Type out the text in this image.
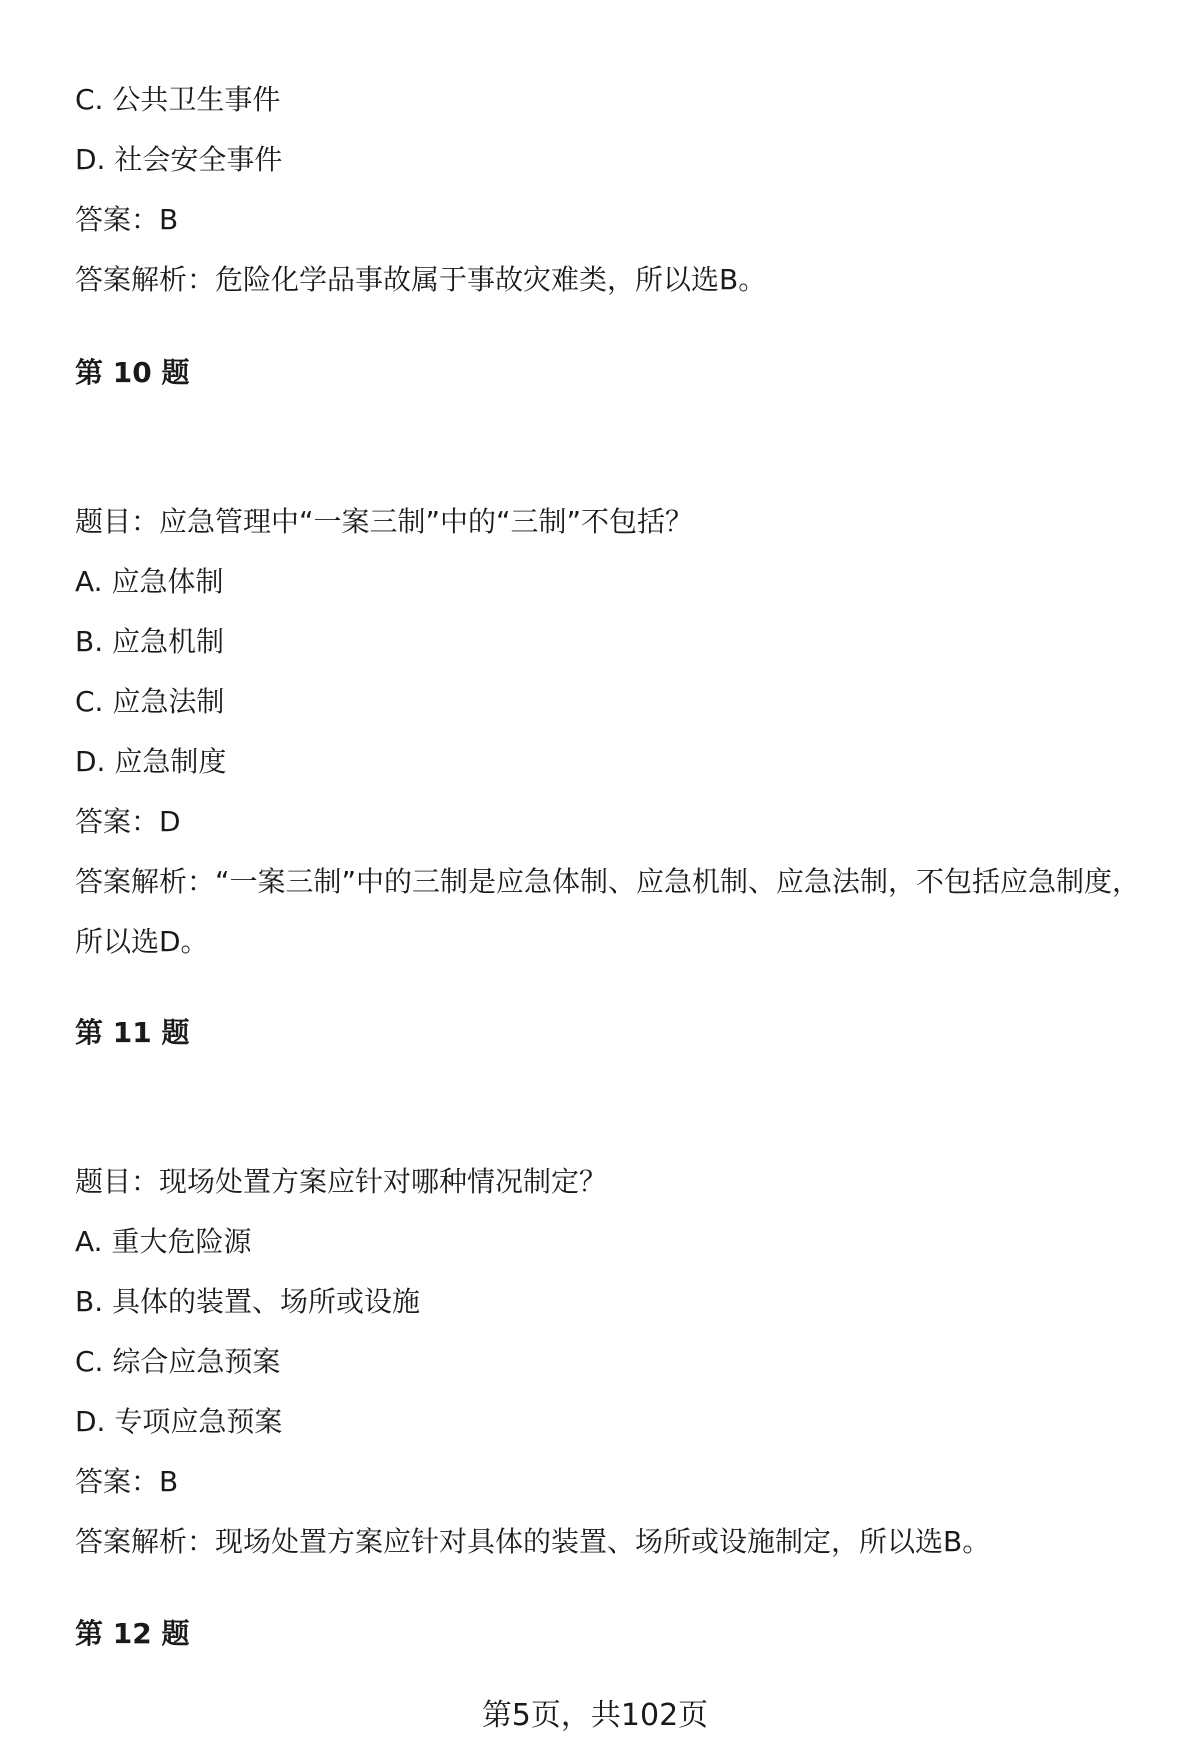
C. 公共卫生事件
D. 社会安全事件
答案：B
答案解析：危险化学品事故属于事故灾难类，所以选B。
第 10 题
题目：应急管理中“一案三制”中的“三制”不包括？
A. 应急体制
B. 应急机制
C. 应急法制
D. 应急制度
答案：D
答案解析：“一案三制”中的三制是应急体制、应急机制、应急法制，不包括应急制度，所以选D。
第 11 题
题目：现场处置方案应针对哪种情况制定？
A. 重大危险源
B. 具体的装置、场所或设施
C. 综合应急预案
D. 专项应急预案
答案：B
答案解析：现场处置方案应针对具体的装置、场所或设施制定，所以选B。
第 12 题
第5页，共102页
